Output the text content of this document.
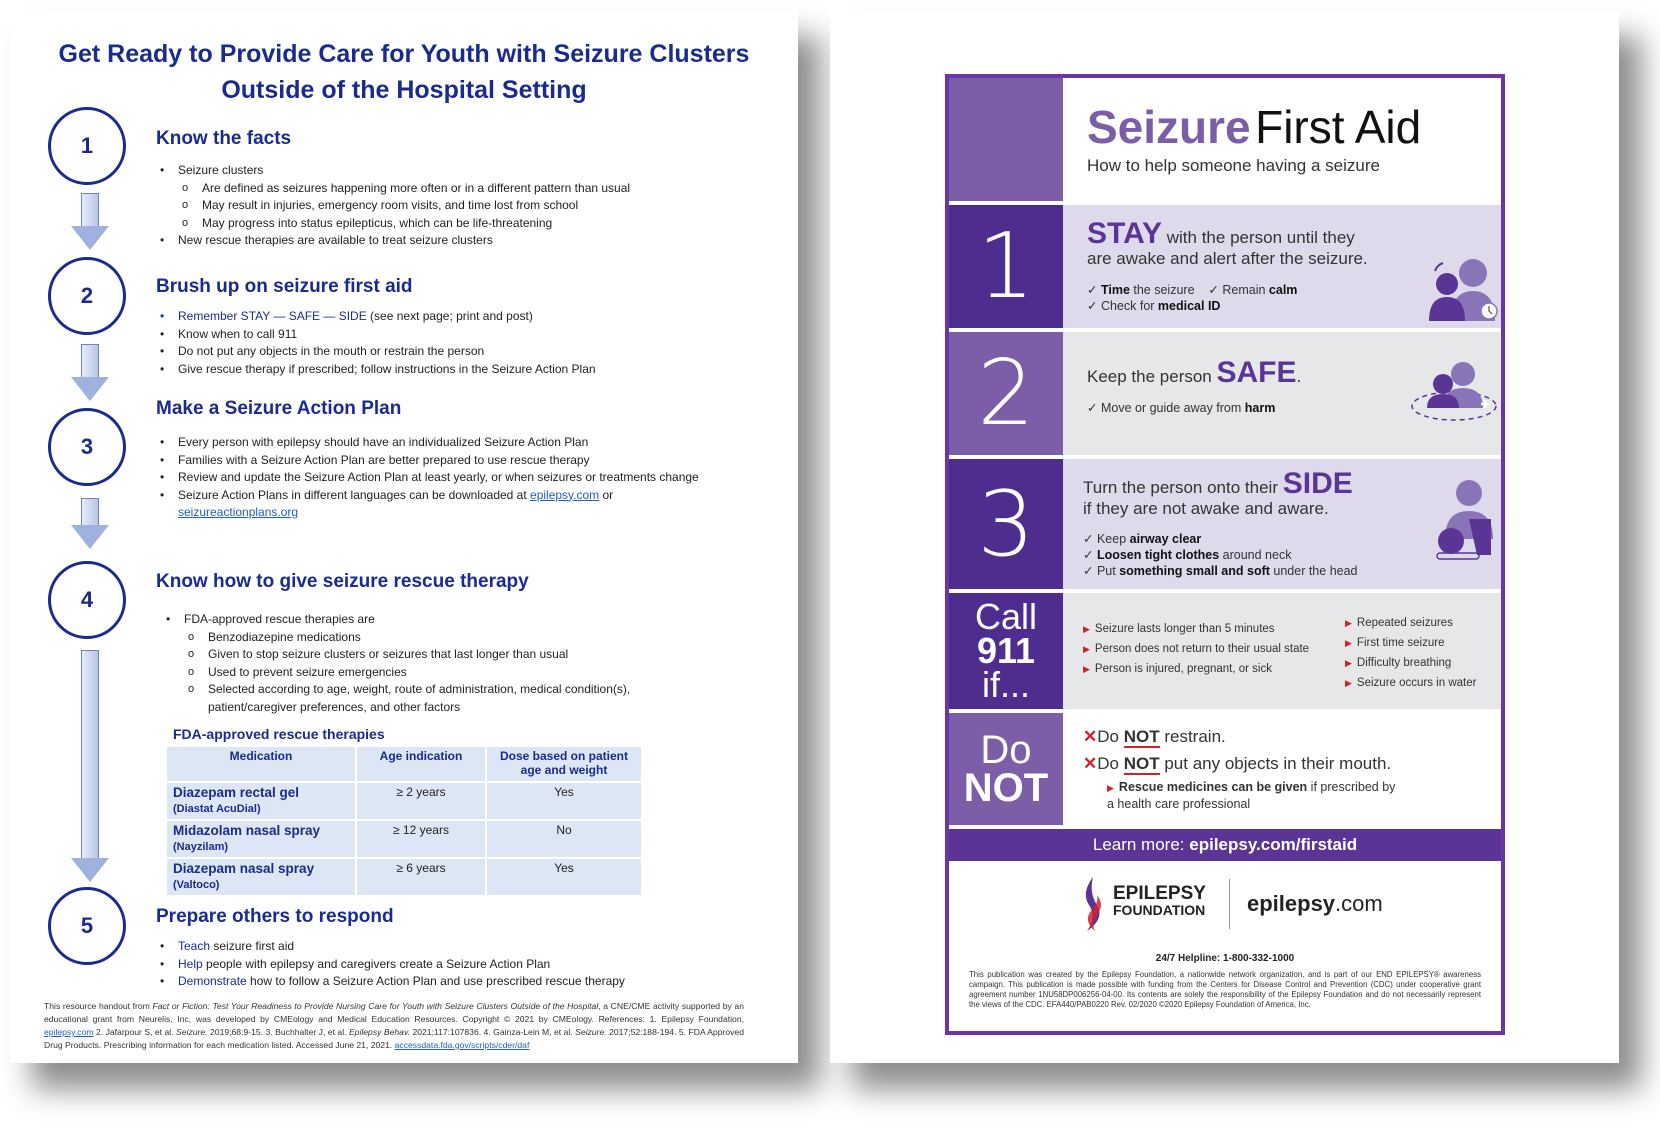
Get Ready to Provide Care for Youth with Seizure Clusters
Outside of the Hospital Setting
1
2
3
4
5
Know the facts
• Seizure clusters
o Are defined as seizures happening more often or in a different pattern than usual
o May result in injuries, emergency room visits, and time lost from school
o May progress into status epilepticus, which can be life-threatening
• New rescue therapies are available to treat seizure clusters
Brush up on seizure first aid
• Remember STAY — SAFE — SIDE (see next page; print and post)
• Know when to call 911
• Do not put any objects in the mouth or restrain the person
• Give rescue therapy if prescribed; follow instructions in the Seizure Action Plan
Make a Seizure Action Plan
• Every person with epilepsy should have an individualized Seizure Action Plan
• Families with a Seizure Action Plan are better prepared to use rescue therapy
• Review and update the Seizure Action Plan at least yearly, or when seizures or treatments change
• Seizure Action Plans in different languages can be downloaded at epilepsy.com or
seizureactionplans.org
Know how to give seizure rescue therapy
• FDA-approved rescue therapies are
o Benzodiazepine medications
o Given to stop seizure clusters or seizures that last longer than usual
o Used to prevent seizure emergencies
o Selected according to age, weight, route of administration, medical condition(s),
patient/caregiver preferences, and other factors
FDA-approved rescue therapies
Medication	Age indication	Dose based on patient age and weight
Diazepam rectal gel
(Diastat AcuDial)	≥ 2 years	Yes
Midazolam nasal spray
(Nayzilam)	≥ 12 years	No
Diazepam nasal spray
(Valtoco)	≥ 6 years	Yes
Prepare others to respond
• Teach seizure first aid
• Help people with epilepsy and caregivers create a Seizure Action Plan
• Demonstrate how to follow a Seizure Action Plan and use prescribed rescue therapy
This resource handout from Fact or Fiction: Test Your Readiness to Provide Nursing Care for Youth with Seizure Clusters Outside of the Hospital, a CNE/CME activity supported by an educational grant from Neurelis, Inc, was developed by CMEology and Medical Education Resources. Copyright © 2021 by CMEology. References: 1. Epilepsy Foundation, epilepsy.com 2. Jafarpour S, et al. Seizure. 2019;68:9-15. 3. Buchhalter J, et al. Epilepsy Behav. 2021;117:107836. 4. Gainza-Lein M, et al. Seizure. 2017;52:188-194. 5. FDA Approved Drug Products. Prescribing information for each medication listed. Accessed June 21, 2021. accessdata.fda.gov/scripts/cder/daf
Seizure First Aid
How to help someone having a seizure
1 STAY with the person until they
are awake and alert after the seizure.
✓ Time the seizure    ✓ Remain calm
✓ Check for medical ID
2	Keep the person SAFE.
✓ Move or guide away from harm
3	Turn the person onto their SIDE
if they are not awake and aware.
✓ Keep airway clear
✓ Loosen tight clothes around neck
✓ Put something small and soft under the head
Call
911
if...
▶ Seizure lasts longer than 5 minutes
▶ Person does not return to their usual state
▶ Person is injured, pregnant, or sick
▶ Repeated seizures
▶ First time seizure
▶ Difficulty breathing
▶ Seizure occurs in water
Do
NOT
✕Do NOT restrain.
✕Do NOT put any objects in their mouth.
▶ Rescue medicines can be given if prescribed by
a health care professional
Learn more:
epilepsy.com/firstaid
EPILEPSY
FOUNDATION epilepsy.com
24/7 Helpline: 1-800-332-1000
This publication was created by the Epilepsy Foundation, a nationwide network organization, and is part of our END EPILEPSY® awareness campaign. This publication is made possible with funding from the Centers for Disease Control and Prevention (CDC) under cooperative grant agreement number 1NU58DP006256-04-00. Its contents are solely the responsibility of the Epilepsy Foundation and do not necessarily represent the views of the CDC. EFA440/PAB0220 Rev. 02/2020 ©2020 Epilepsy Foundation of America, Inc.
